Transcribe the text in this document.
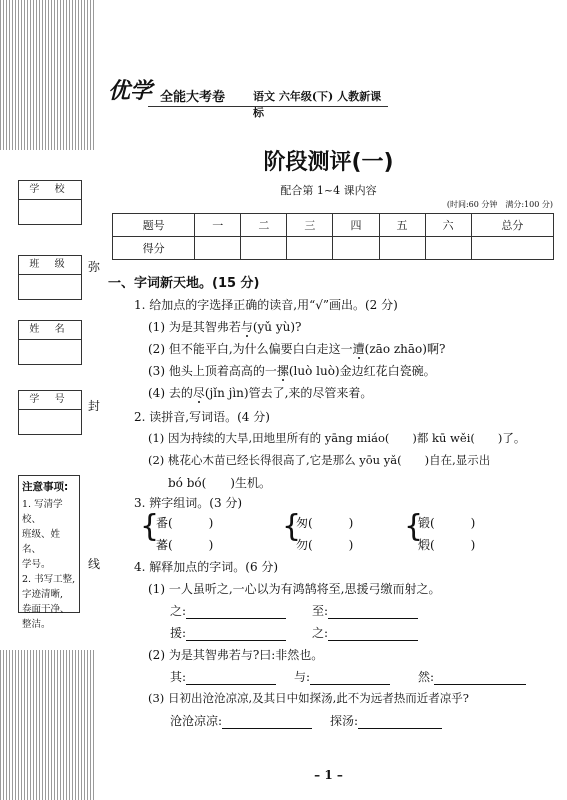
学 校
班 级
姓 名
学 号
弥
封
线
注意事项:
1. 写清学校、
班级、姓名、
学号。
2. 书写工整,
字迹清晰,
卷面干净、
整洁。
优学 全能大考卷	语文 六年级(下) 人教新课标
阶段测评(一)
配合第 1~4 课内容
(时间:60 分钟　满分:100 分)
题号	一	二	三	四	五	六	总分
得分							
一、字词新天地。(15 分)
1. 给加点的字选择正确的读音,用“√”画出。(2 分)
(1) 为是其智弗若与(yǔ yù)?
(2) 但不能平白,为什么偏要白白走这一遭(zāo zhāo)啊?
(3) 他头上顶着高高的一摞(luò luò)金边红花白瓷碗。
(4) 去的尽(jǐn jìn)管去了,来的尽管来着。
2. 读拼音,写词语。(4 分)
(1) 因为持续的大旱,田地里所有的 yāng miáo(　　)都 kū wěi(　　)了。
(2) 桃花心木苗已经长得很高了,它是那么 yōu yǎ(　　)自在,显示出
bó bó(　　)生机。
3. 辨字组词。(3 分)
{	{	{
番(　　　)	匆(　　　)	锻(　　　)
蕃(　　　)	勿(　　　)	煅(　　　)
4. 解释加点的字词。(6 分)
(1) 一人虽听之,一心以为有鸿鹄将至,思援弓缴而射之。
之:	至:
援:	之:
(2) 为是其智弗若与?曰:非然也。
其:	与:	然:
(3) 日初出沧沧凉凉,及其日中如探汤,此不为远者热而近者凉乎?
沧沧凉凉:	探汤:
– 1 –
